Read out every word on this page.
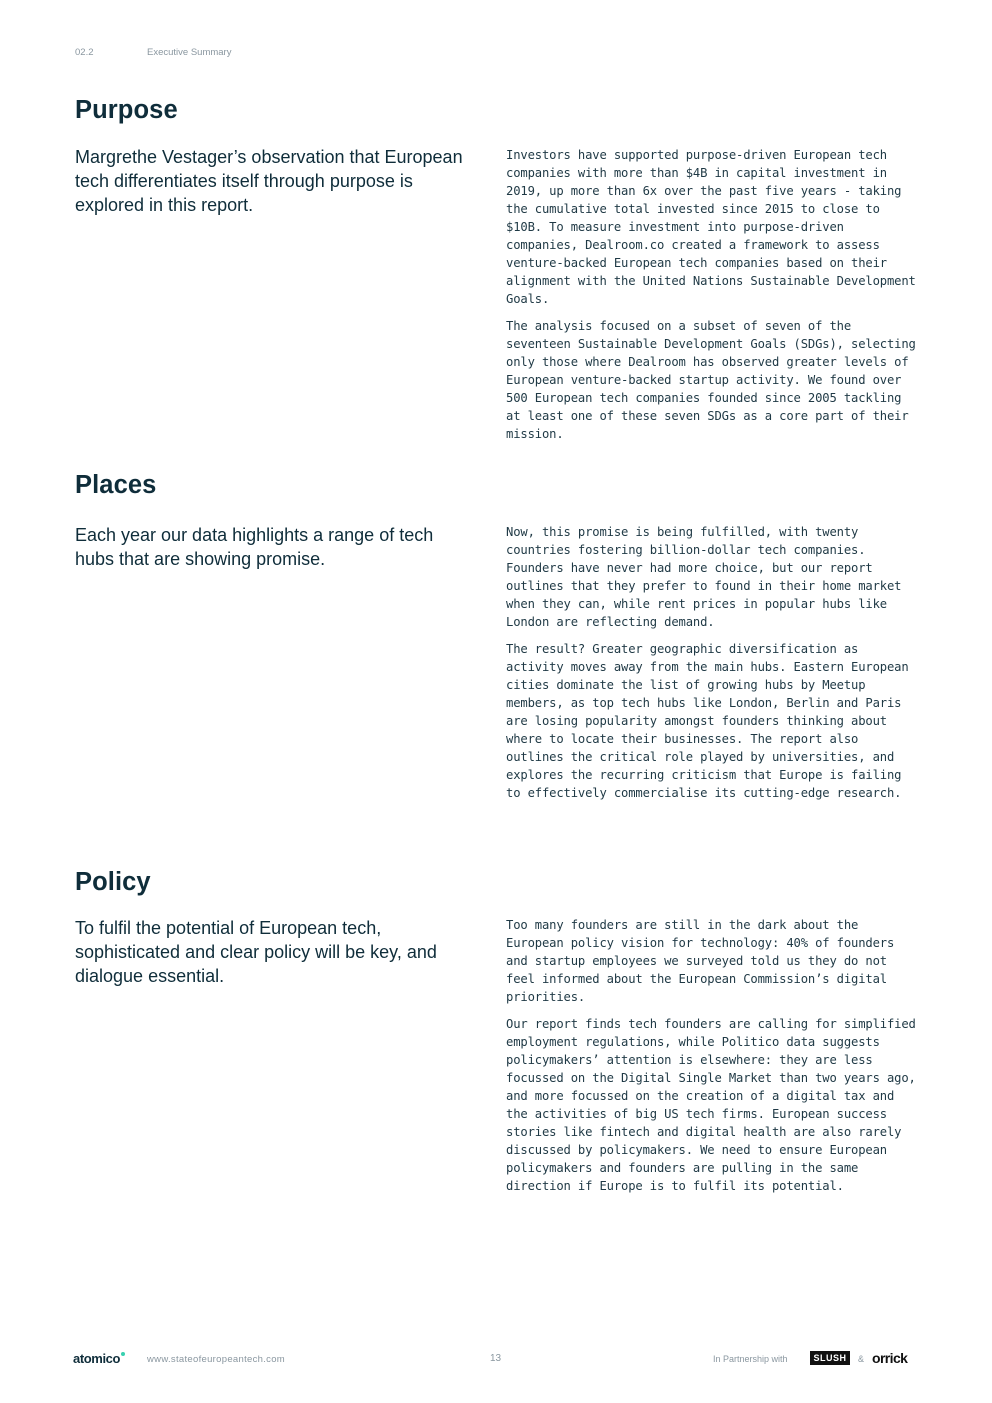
02.2	Executive Summary
Purpose

Margrethe Vestager’s observation that European tech differentiates itself through purpose is explored in this report.

Investors have supported purpose-driven European tech companies with more than $4B in capital investment in 2019, up more than 6x over the past five years - taking the cumulative total invested since 2015 to close to $10B. To measure investment into purpose-driven companies, Dealroom.co created a framework to assess venture-backed European tech companies based on their alignment with the United Nations Sustainable Development Goals.

The analysis focused on a subset of seven of the seventeen Sustainable Development Goals (SDGs), selecting only those where Dealroom has observed greater levels of European venture-backed startup activity. We found over 500 European tech companies founded since 2005 tackling at least one of these seven SDGs as a core part of their mission.

Places

Each year our data highlights a range of tech hubs that are showing promise.

Now, this promise is being fulfilled, with twenty countries fostering billion-dollar tech companies. Founders have never had more choice, but our report outlines that they prefer to found in their home market when they can, while rent prices in popular hubs like London are reflecting demand.

The result? Greater geographic diversification as activity moves away from the main hubs. Eastern European cities dominate the list of growing hubs by Meetup members, as top tech hubs like London, Berlin and Paris are losing popularity amongst founders thinking about where to locate their businesses. The report also outlines the critical role played by universities, and explores the recurring criticism that Europe is failing to effectively commercialise its cutting-edge research.

Policy

To fulfil the potential of European tech, sophisticated and clear policy will be key, and dialogue essential.

Too many founders are still in the dark about the European policy vision for technology: 40% of founders and startup employees we surveyed told us they do not feel informed about the European Commission’s digital priorities.

Our report finds tech founders are calling for simplified employment regulations, while Politico data suggests policymakers’ attention is elsewhere: they are less focussed on the Digital Single Market than two years ago, and more focussed on the creation of a digital tax and the activities of big US tech firms. European success stories like fintech and digital health are also rarely discussed by policymakers. We need to ensure European policymakers and founders are pulling in the same direction if Europe is to fulfil its potential.

atomico	www.stateofeuropeantech.com	13	In Partnership with	SLUSH	& orrick
